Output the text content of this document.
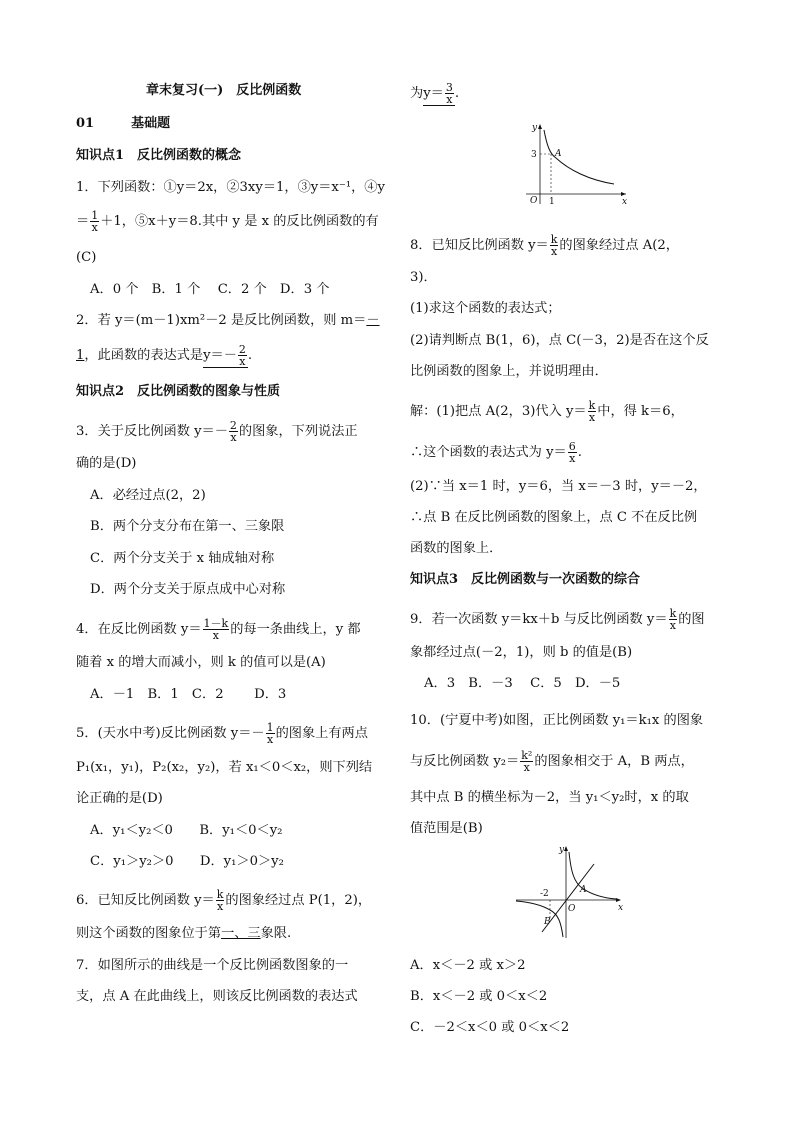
章末复习(一)　反比例函数
01	基础题
知识点1　反比例函数的概念
1．下列函数：①y＝2x，②3xy＝1，③y＝x⁻¹，④y
＝ $\frac{1}{x} +1$，⑤x＋y＝8.其中 y 是 x 的反比例函数的有
(C)
A．0 个　B．1 个　 C．2 个　D．3 个
2．若 y＝(m－1)xm²－2 是反比例函数，则 m＝－
1，此函数的表达式是$y=- \frac{2}{x}$ .
知识点2　反比例函数的图象与性质
3．关于反比例函数 $y=- \frac{2}{x}$ 的图象，下列说法正
确的是(D)
A．必经过点(2，2)
B．两个分支分布在第一、三象限
C．两个分支关于 x 轴成轴对称
D．两个分支关于原点成中心对称
4．在反比例函数 $y= \frac{1-k}{x}$ 的每一条曲线上，y 都
随着 x 的增大而减小，则 k 的值可以是(A)
A．－1　B．1　C．2　　 D．3
5．(天水中考)反比例函数 $y=- \frac{1}{x}$ 的图象上有两点
P₁(x₁，y₁)，P₂(x₂，y₂)，若 x₁＜0＜x₂，则下列结
论正确的是(D)
A．y₁＜y₂＜0　　B．y₁＜0＜y₂
C．y₁＞y₂＞0　　D．y₁＞0＞y₂
6．已知反比例函数 $y= \frac{k}{x}$ 的图象经过点 P(1，2)，
则这个函数的图象位于第一、三象限.
7．如图所示的曲线是一个反比例函数图象的一
支，点 A 在此曲线上，则该反比例函数的表达式
为$y= \frac{3}{x}$ .
y
x
O
3
1
A
8．已知反比例函数 $y= \frac{k}{x}$ 的图象经过点 A(2，
3)．
(1)求这个函数的表达式；
(2)请判断点 B(1，6)，点 C(－3，2)是否在这个反
比例函数的图象上，并说明理由．
解：(1)把点 A(2，3)代入 $y= \frac{k}{x}$ 中，得 k＝6，
∴这个函数的表达式为 $y= \frac{6}{x}$ .
(2)∵当 x＝1 时，y＝6，当 x＝－3 时，y＝－2，
∴点 B 在反比例函数的图象上，点 C 不在反比例
函数的图象上．
知识点3　反比例函数与一次函数的综合
9．若一次函数 y＝kx＋b 与反比例函数 $y= \frac{k}{x}$ 的图
象都经过点(－2，1)，则 b 的值是(B)
A．3　B．－3　 C．5　D．－5
10．(宁夏中考)如图，正比例函数 y₁＝k₁x 的图象
与反比例函数 $y_2= \frac{\text{k²}}{x}$ 的图象相交于 A，B 两点，
其中点 B 的横坐标为－2，当 y₁＜y₂时，x 的取
值范围是(B)
y
x
O
-2	A
B
A．x＜－2 或 x＞2
B．x＜－2 或 0＜x＜2
C．－2＜x＜0 或 0＜x＜2
